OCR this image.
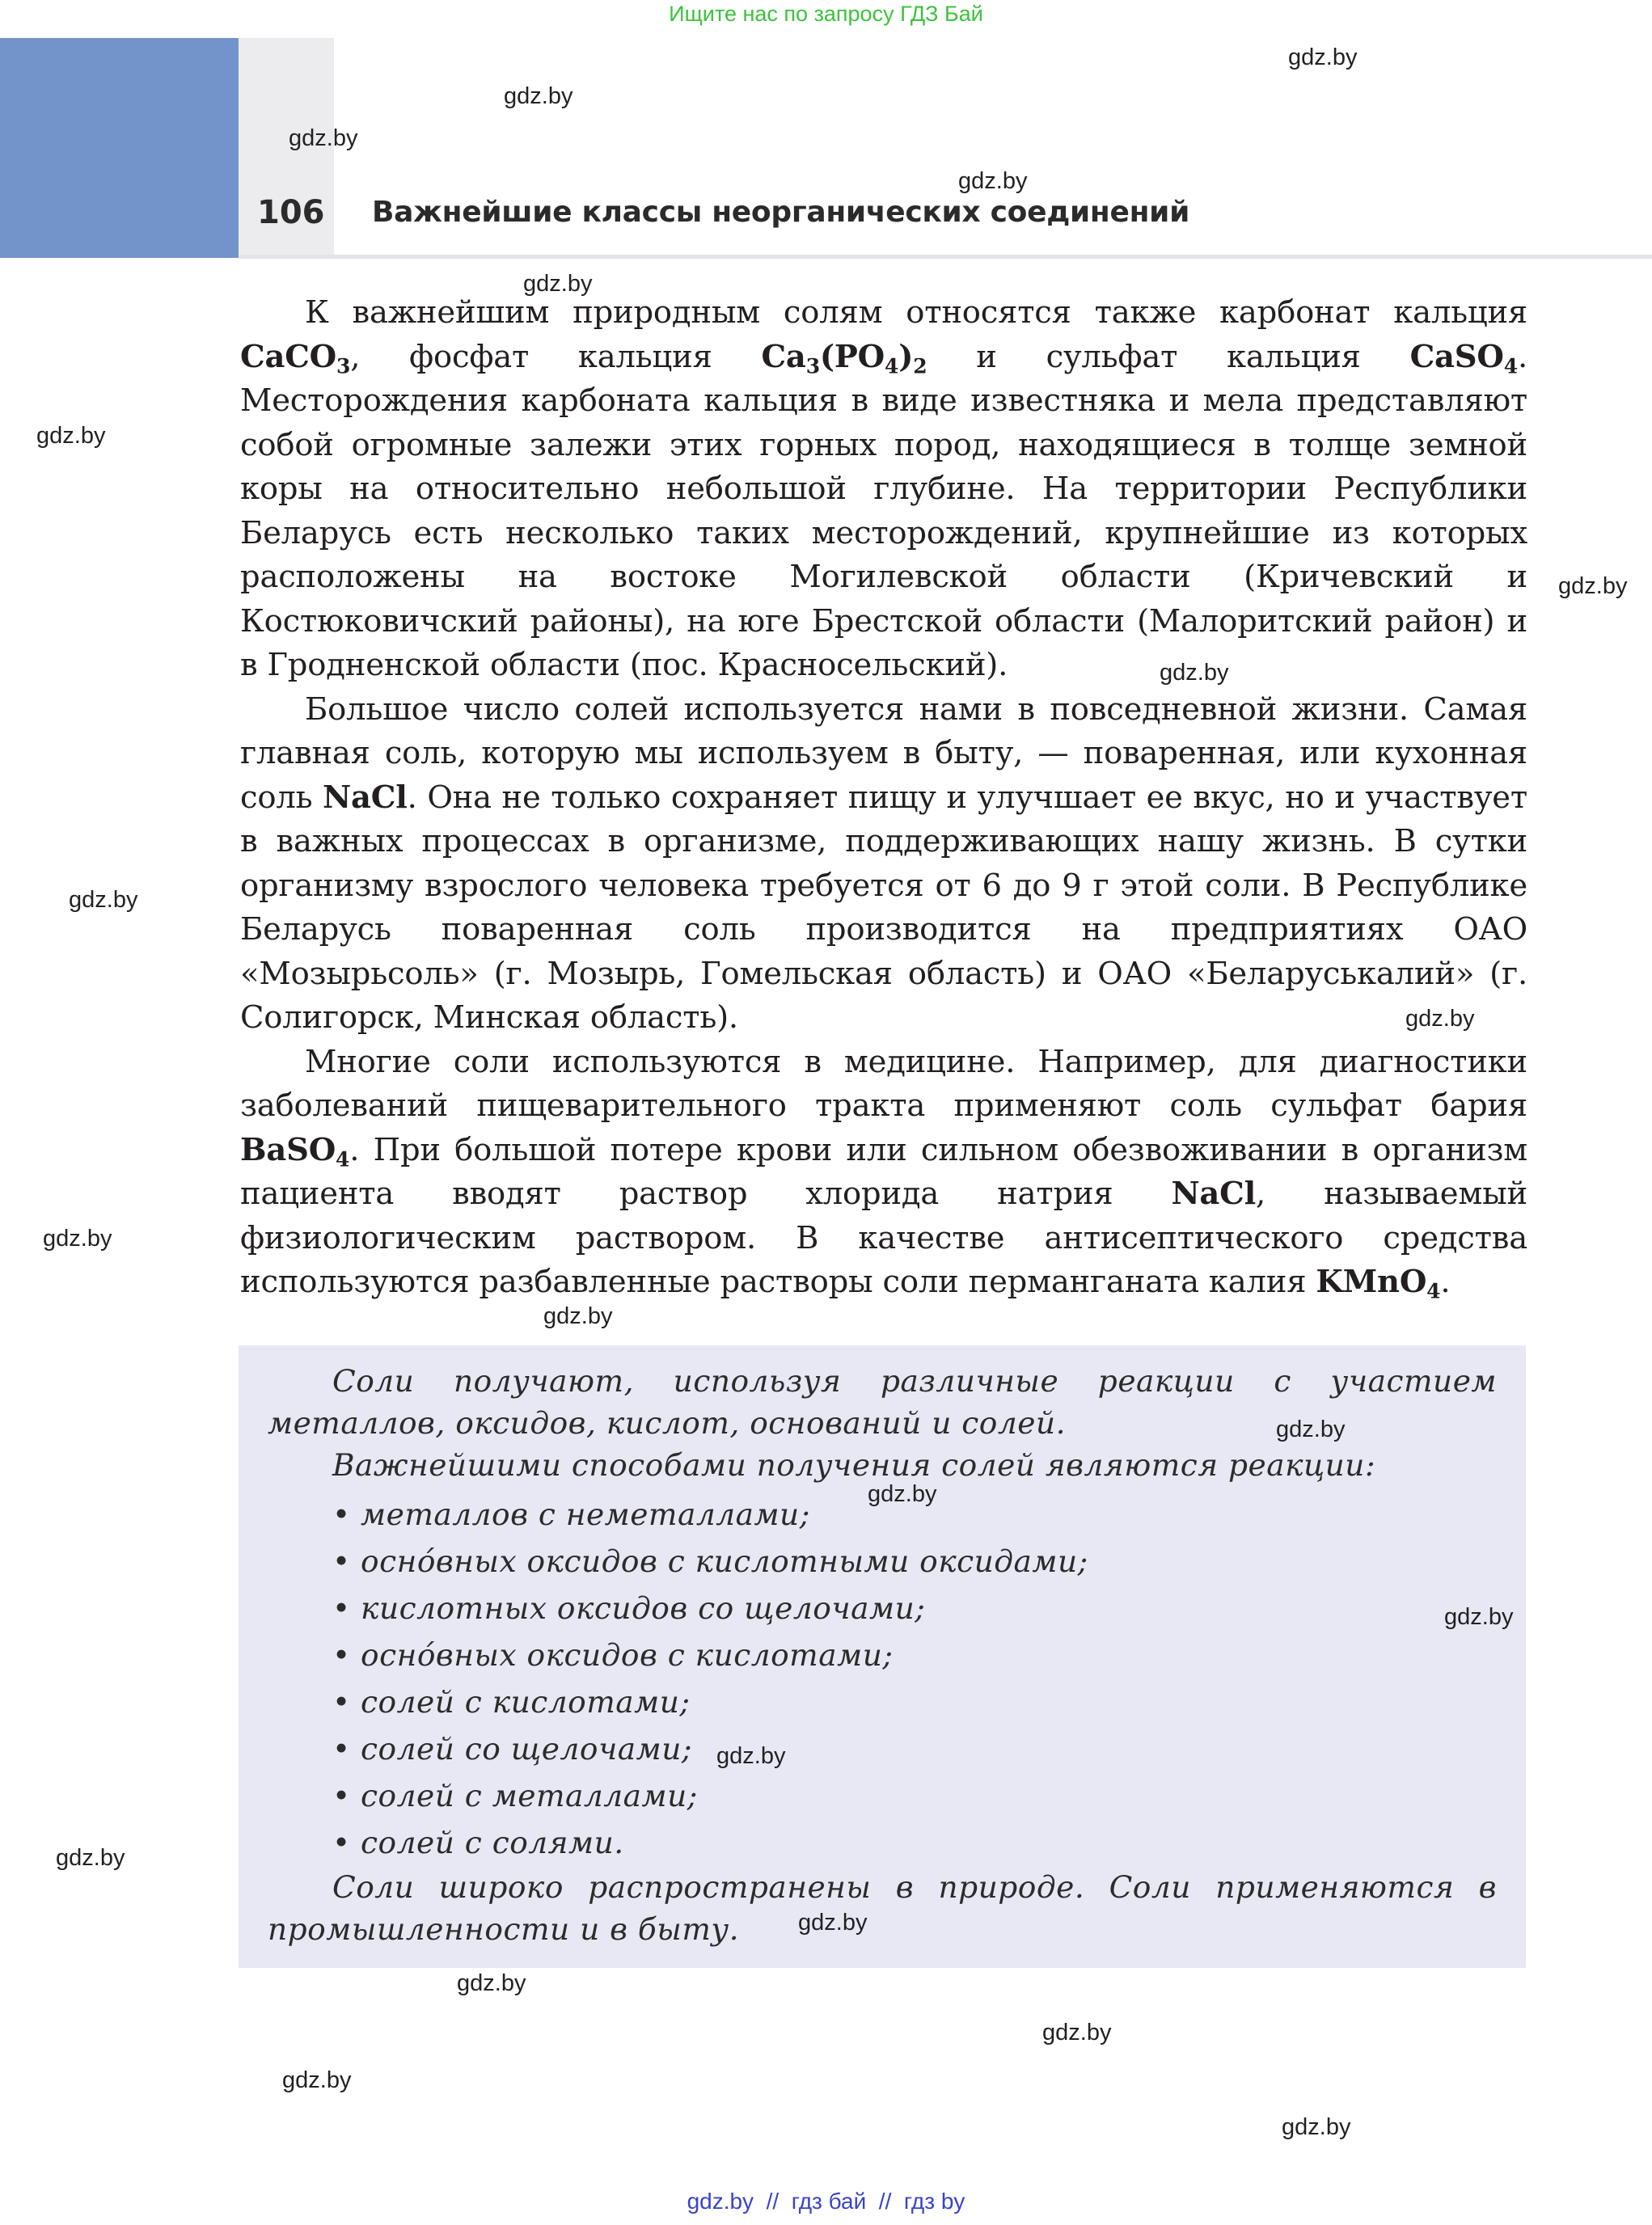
Ищите нас по запросу ГДЗ Бай
106 Важнейшие классы неорганических соединений

К важнейшим природным солям относятся также карбонат кальция CaCO$_3$, фосфат кальция $Ca_3(PO_4)_2$ и сульфат кальция CaSO$_4$. Месторождения карбоната кальция в виде известняка и мела представляют собой огромные залежи этих горных пород, находящиеся в толще земной коры на относительно небольшой глубине. На территории Республики Беларусь есть несколько таких месторождений, крупнейшие из которых расположены на востоке Могилевской области (Кричевский и Костюковичский районы), на юге Брестской области (Малоритский район) и в Гродненской области (пос. Красносельский).

Большое число солей используется нами в повседневной жизни. Самая главная соль, которую мы используем в быту, — поваренная, или кухонная соль NaCl. Она не только сохраняет пищу и улучшает ее вкус, но и участвует в важных процессах в организме, поддерживающих нашу жизнь. В сутки организму взрослого человека требуется от 6 до 9 г этой соли. В Республике Беларусь поваренная соль производится на предприятиях ОАО «Мозырьсоль» (г. Мозырь, Гомельская область) и ОАО «Беларуськалий» (г. Солигорск, Минская область).

Многие соли используются в медицине. Например, для диагностики заболеваний пищеварительного тракта применяют соль сульфат бария BaSO$_4$. При большой потере крови или сильном обезвоживании в организм пациента вводят раствор хлорида натрия NaCl, называемый физиологическим раствором. В качестве антисептического средства используются разбавленные растворы соли перманганата калия KMnO$_4$.

Соли получают, используя различные реакции с участием металлов, оксидов, кислот, оснований и солей.

Важнейшими способами получения солей являются реакции:

• металлов с неметаллами;
• осно́вных оксидов с кислотными оксидами;
• кислотных оксидов со щелочами;
• осно́вных оксидов с кислотами;
• солей с кислотами;
• солей со щелочами;
• солей с металлами;
• солей с солями.

Соли широко распространены в природе. Соли применяются в промышленности и в быту.

gdz.by
gdz.by
gdz.by
gdz.by
gdz.by
gdz.by
gdz.by
gdz.by
gdz.by
gdz.by
gdz.by
gdz.by
gdz.by
gdz.by
gdz.by
gdz.by
gdz.by
gdz.by
gdz.by
gdz.by
gdz.by
gdz.by
gdz.by  //  гдз бай  //  гдз by
